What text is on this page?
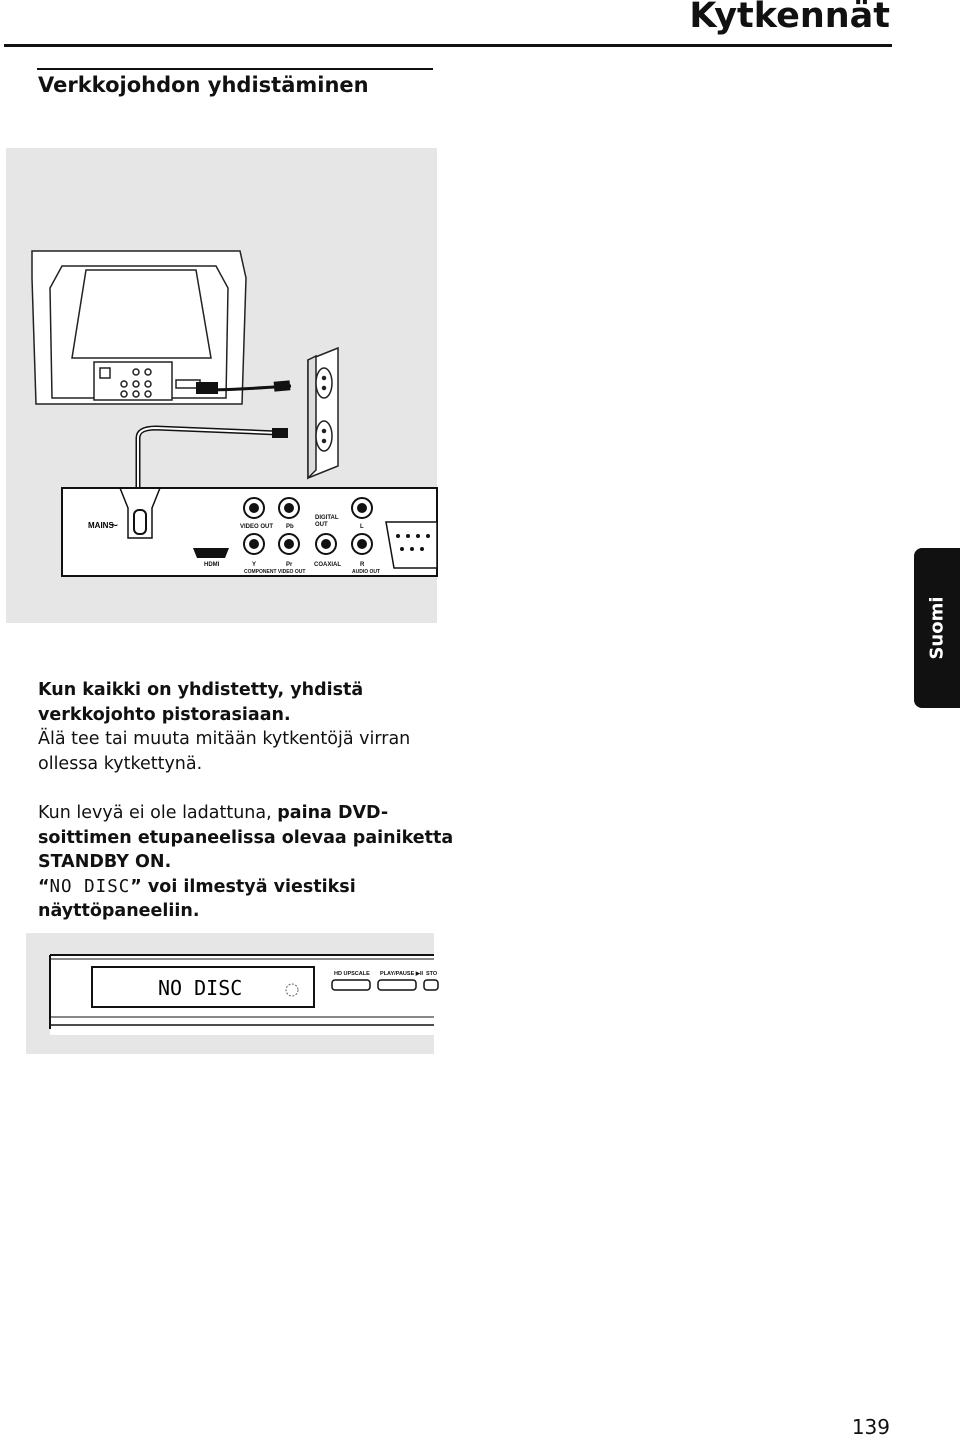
Kytkennät
Verkkojohdon yhdistäminen
MAINS
~	VIDEO OUT Pb
DIGITAL
OUT	L
HDMI	Y	Pr	COAXIAL	R
COMPONENT VIDEO OUT	AUDIO OUT
Suomi
Kun kaikki on yhdistetty, yhdistä verkkojohto pistorasiaan.
Älä tee tai muuta mitään kytkentöjä virran ollessa kytkettynä.
Kun levyä ei ole ladattuna, paina DVD-soittimen etupaneelissa olevaa painiketta STANDBY ON.
“NO DISC” voi ilmestyä viestiksi näyttöpaneeliin.
NO DISC
HD UPSCALE PLAY/PAUSE ▶II STO
139
